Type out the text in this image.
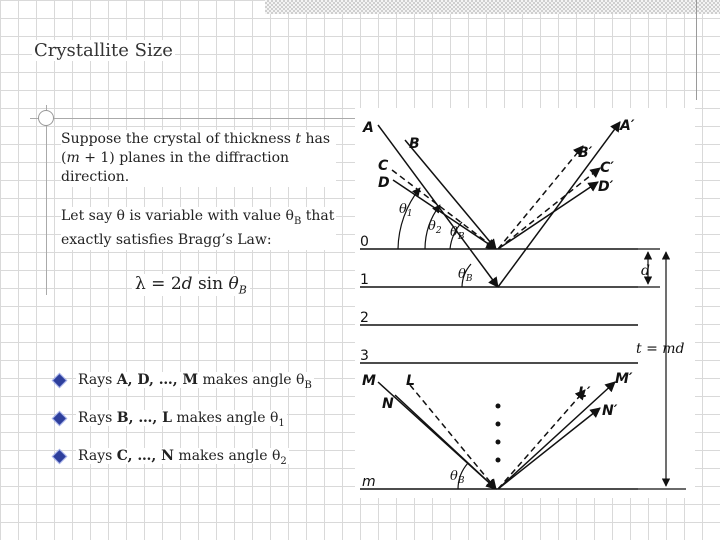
Crystallite Size
Suppose the crystal of thickness t has (m + 1) planes in the diffraction direction.
Let say θ is variable with value $\theta_B$ that exactly satisfies Bragg’s Law:
λ = 2d $\sin \theta_B$
Rays A, D, …, M makes angle $\theta_B$
Rays B, …, L makes angle $\theta_1$
Rays C, …, N makes angle $\theta_2$
0
1
2
3
m
$\theta_1$
$\theta_2$ $\theta_B$
$\theta_B$
A
B
C
D
A′
B′
C′
D′
$\theta_B$
M
N
L	M′
N′
L′
d
t = md
